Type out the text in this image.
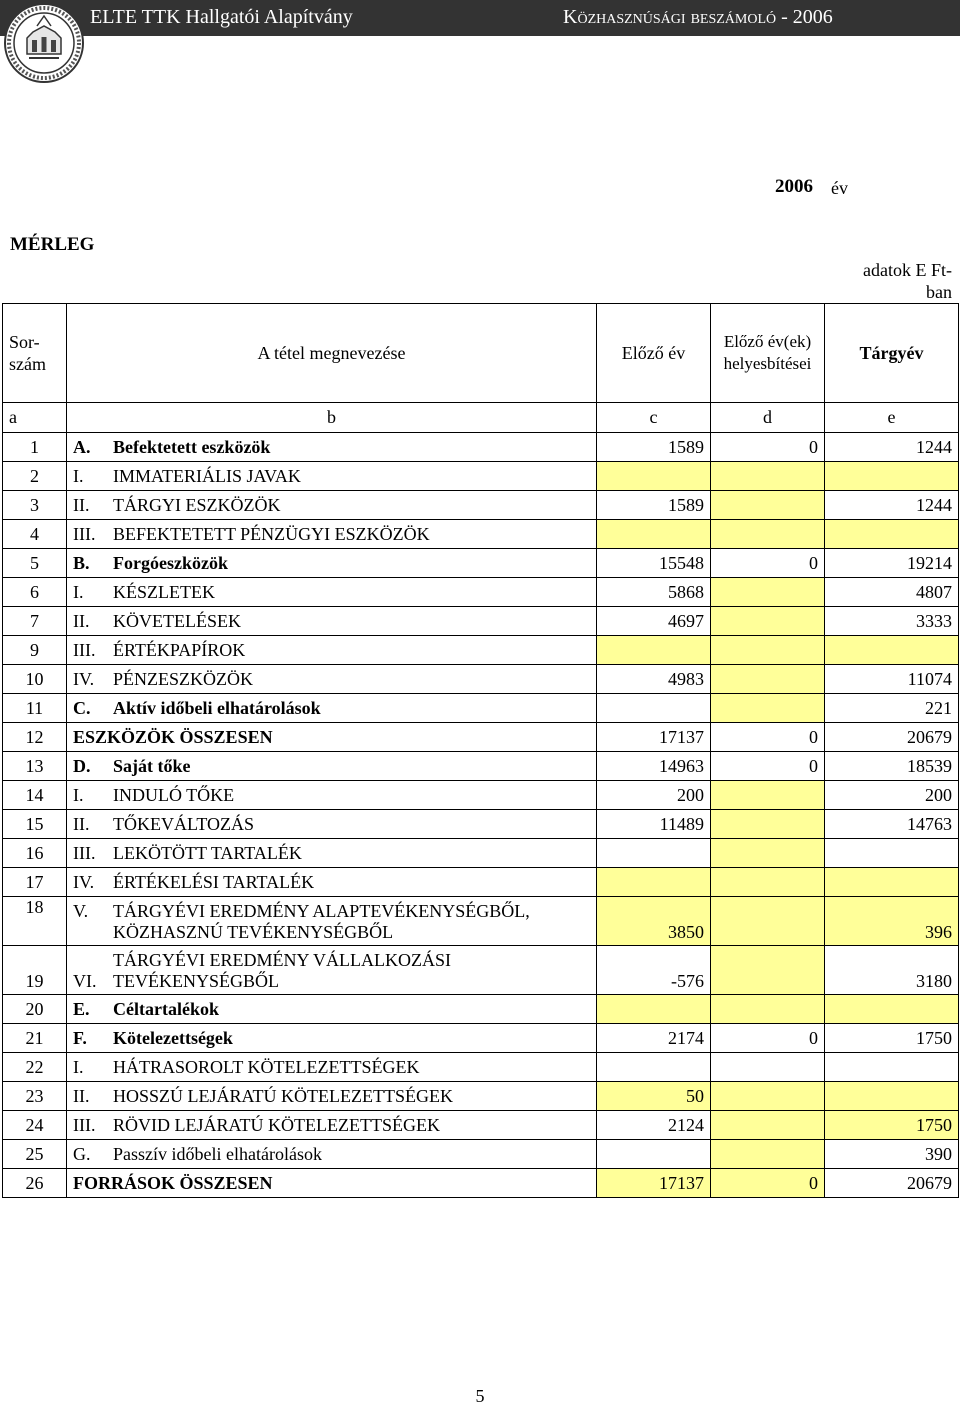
ELTE TTK Hallgatói Alapítvány	Közhasznúsági beszámoló - 2006
2006 év
MÉRLEG
adatok E Ft-ban
Sor-szám	A tétel megnevezése	Előző év	Előző év(ek) helyesbítései	Tárgyév
a	b	c	d	e
1	A. Befektetett eszközök	1589	0	1244
2	I. IMMATERIÁLIS JAVAK			
3	II. TÁRGYI ESZKÖZÖK	1589		1244
4	III. BEFEKTETETT PÉNZÜGYI ESZKÖZÖK			
5	B. Forgóeszközök	15548	0	19214
6	I. KÉSZLETEK	5868		4807
7	II. KÖVETELÉSEK	4697		3333
9	III. ÉRTÉKPAPÍROK			
10	IV. PÉNZESZKÖZÖK	4983		11074
11	C. Aktív időbeli elhatárolások			221
12	ESZKÖZÖK ÖSSZESEN	17137	0	20679
13	D. Saját tőke	14963	0	18539
14	I. INDULÓ TŐKE	200		200
15	II. TŐKEVÁLTOZÁS	11489		14763
16	III. LEKÖTÖTT TARTALÉK			
17	IV. ÉRTÉKELÉSI TARTALÉK			
18	V. TÁRGYÉVI EREDMÉNY ALAPTEVÉKENYSÉGBŐL,
KÖZHASZNÚ TEVÉKENYSÉGBŐL	3850		396
19	VI.TÁRGYÉVI EREDMÉNY VÁLLALKOZÁSI
TEVÉKENYSÉGBŐL	-576		3180
20	E. Céltartalékok			
21	F. Kötelezettségek	2174	0	1750
22	I. HÁTRASOROLT KÖTELEZETTSÉGEK			
23	II. HOSSZÚ LEJÁRATÚ KÖTELEZETTSÉGEK	50		
24	III. RÖVID LEJÁRATÚ KÖTELEZETTSÉGEK	2124		1750
25	G. Passzív időbeli elhatárolások			390
26	FORRÁSOK ÖSSZESEN	17137	0	20679
5
